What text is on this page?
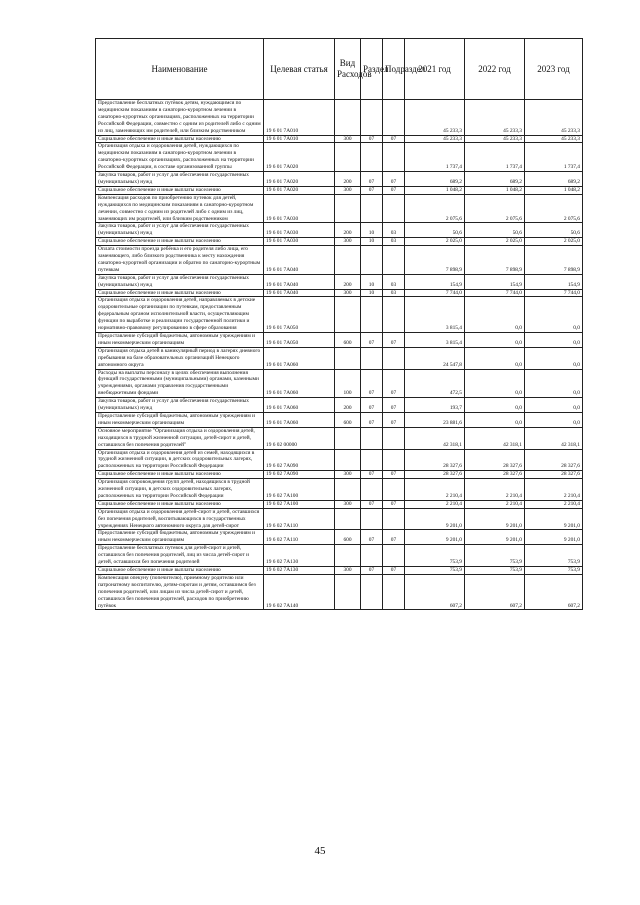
Наименование	Целевая статья	Вид Расходов	Раздел	Подраздел	2021 год	2022 год	2023 год
Предоставление бесплатных путёвок детям, нуждающимся по медицинским показаниям в санаторно-курортном лечении в санаторно-курортных организациях, расположенных на территории Российской Федерации, совместно с одним из родителей либо с одним из лиц, заменяющих им родителей, или близким родственником	19 6 01 7А010				45 233,3	45 233,3	45 233,3
Социальное обеспечение и иные выплаты населению	19 6 01 7А010	300	07	07	45 233,3	45 233,3	45 233,3
Организация отдыха и оздоровления детей, нуждающихся по медицинским показаниям в санаторно-курортном лечении в санаторно-курортных организациях, расположенных на территории Российской Федерации, в составе организованной группы	19 6 01 7А020				1 737,4	1 737,4	1 737,4
Закупка товаров, работ и услуг для обеспечения государственных (муниципальных) нужд	19 6 01 7А020	200	07	07	689,2	689,2	689,2
Социальное обеспечение и иные выплаты населению	19 6 01 7А020	300	07	07	1 048,2	1 048,2	1 048,2
Компенсация расходов по приобретению путевок для детей, нуждающихся по медицинским показаниям в санаторно-курортном лечении, совместно с одним из родителей либо с одним из лиц, заменяющих им родителей, или близким родственником	19 6 01 7А030				2 075,6	2 075,6	2 075,6
Закупка товаров, работ и услуг для обеспечения государственных (муниципальных) нужд	19 6 01 7А030	200	10	03	50,6	50,6	50,6
Социальное обеспечение и иные выплаты населению	19 6 01 7А030	300	10	03	2 025,0	2 025,0	2 025,0
Оплата стоимости проезда ребёнка и его родителя либо лица, его заменяющего, либо близкого родственника к месту нахождения санаторно-курортной организации и обратно по санаторно-курортным путевкам	19 6 01 7А040				7 898,9	7 898,9	7 898,9
Закупка товаров, работ и услуг для обеспечения государственных (муниципальных) нужд	19 6 01 7А040	200	10	03	154,9	154,9	154,9
Социальное обеспечение и иные выплаты населению	19 6 01 7А040	300	10	03	7 744,0	7 744,0	7 744,0
Организация отдыха и оздоровления детей, направляемых в детские оздоровительные организации по путевкам, предоставленным федеральным органом исполнительной власти, осуществляющим функции по выработке и реализации государственной политики и нормативно-правовому регулированию в сфере образования	19 6 01 7А050				3 815,4	0,0	0,0
Предоставление субсидий бюджетным, автономным учреждениям и иным некоммерческим организациям	19 6 01 7А050	600	07	07	3 815,4	0,0	0,0
Организация отдыха детей в каникулярный период в лагерях дневного пребывания на базе образовательных организаций Ненецкого автономного округа	19 6 01 7А060				24 547,8	0,0	0,0
Расходы на выплаты персоналу в целях обеспечения выполнения функций государственными (муниципальными) органами, казенными учреждениями, органами управления государственными внебюджетными фондами	19 6 01 7А060	100	07	07	472,5	0,0	0,0
Закупка товаров, работ и услуг для обеспечения государственных (муниципальных) нужд	19 6 01 7А060	200	07	07	193,7	0,0	0,0
Предоставление субсидий бюджетным, автономным учреждениям и иным некоммерческим организациям	19 6 01 7А060	600	07	07	23 881,6	0,0	0,0
Основное мероприятие "Организация отдыха и оздоровления детей, находящихся в трудной жизненной ситуации, детей-сирот и детей, оставшихся без попечения родителей"	19 6 02 00000				42 318,1	42 318,1	42 318,1
Организация отдыха и оздоровления детей из семей, находящихся в трудной жизненной ситуации, в детских оздоровительных лагерях, расположенных на территории Российской Федерации	19 6 02 7А090				28 327,6	28 327,6	28 327,6
Социальное обеспечение и иные выплаты населению	19 6 02 7А090	300	07	07	28 327,6	28 327,6	28 327,6
Организация сопровождения групп детей, находящихся в трудной жизненной ситуации, в детских оздоровительных лагерях, расположенных на территории Российской Федерации	19 6 02 7А100				2 210,4	2 210,4	2 210,4
Социальное обеспечение и иные выплаты населению	19 6 02 7А100	300	07	07	2 210,4	2 210,4	2 210,4
Организация отдыха и оздоровления детей-сирот и детей, оставшихся без попечения родителей, воспитывающихся в государственных учреждениях Ненецкого автономного округа для детей-сирот	19 6 02 7А110				9 201,0	9 201,0	9 201,0
Предоставление субсидий бюджетным, автономным учреждениям и иным некоммерческим организациям	19 6 02 7А110	600	07	07	9 201,0	9 201,0	9 201,0
Предоставление бесплатных путевок для детей-сирот и детей, оставшихся без попечения родителей, лиц из числа детей-сирот и детей, оставшихся без попечения родителей	19 6 02 7А130				753,9	753,9	753,9
Социальное обеспечение и иные выплаты населению	19 6 02 7А130	300	07	07	753,9	753,9	753,9
Компенсация опекуну (попечителю), приемному родителю или патронатному воспитателю, детям-сиротам и детям, оставшимся без попечения родителей, или лицам из числа детей-сирот и детей, оставшихся без попечения родителей, расходов по приобретению путёвок	19 6 02 7А140				607,2	607,2	607,2
45
